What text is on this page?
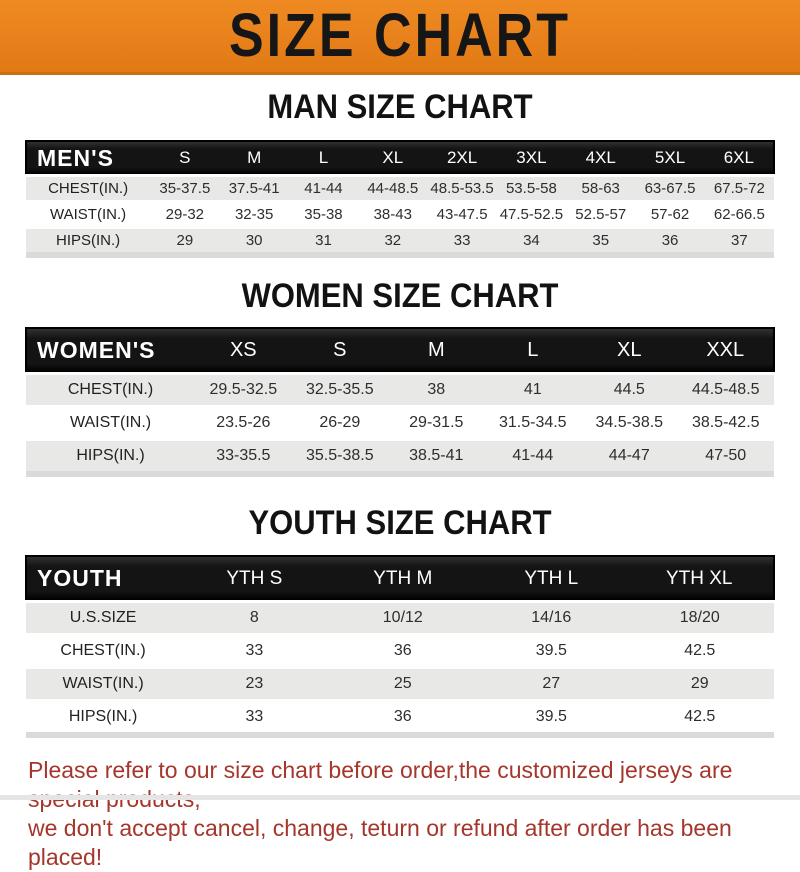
SIZE CHART
MAN SIZE CHART
MEN'S	S	M	L	XL	2XL	3XL	4XL	5XL	6XL
CHEST(IN.)	35-37.5	37.5-41	41-44	44-48.5	48.5-53.5	53.5-58	58-63	63-67.5	67.5-72
WAIST(IN.)	29-32	32-35	35-38	38-43	43-47.5	47.5-52.5	52.5-57	57-62	62-66.5
HIPS(IN.)	29	30	31	32	33	34	35	36	37
WOMEN SIZE CHART
WOMEN'S	XS	S	M	L	XL	XXL
CHEST(IN.)	29.5-32.5	32.5-35.5	38	41	44.5	44.5-48.5
WAIST(IN.)	23.5-26	26-29	29-31.5	31.5-34.5	34.5-38.5	38.5-42.5
HIPS(IN.)	33-35.5	35.5-38.5	38.5-41	41-44	44-47	47-50
YOUTH SIZE CHART
YOUTH	YTH S	YTH M	YTH L	YTH XL
U.S.SIZE	8	10/12	14/16	18/20
CHEST(IN.)	33	36	39.5	42.5
WAIST(IN.)	23	25	27	29
HIPS(IN.)	33	36	39.5	42.5

Please refer to our size chart before order,the customized jerseys are
we don't accept cancel, change, teturn or refund after order has been placed!
